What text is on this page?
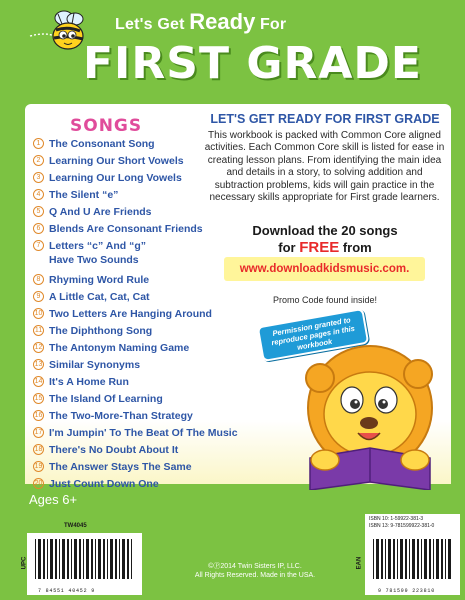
Let's Get Ready For
FIRST GRADE
SONGS
1 The Consonant Song
2 Learning Our Short Vowels
3 Learning Our Long Vowels
4 The Silent “e”
5 Q And U Are Friends
6 Blends Are Consonant Friends
7 Letters “c” And “g”
Have Two Sounds
8 Rhyming Word Rule
9 A Little Cat, Cat, Cat
10 Two Letters Are Hanging Around
11 The Diphthong Song
12 The Antonym Naming Game
13 Similar Synonyms
14 It's A Home Run
15 The Island Of Learning
16 The Two-More-Than Strategy
17 I'm Jumpin' To The Beat Of The Music
18 There's No Doubt About It
19 The Answer Stays The Same
20 Just Count Down One
LET'S GET READY FOR FIRST GRADE
This workbook is packed with Common Core aligned activities. Each Common Core skill is listed for ease in creating lesson plans. From identifying the main idea and details in a story, to solving addition and subtraction problems, kids will gain practice in the necessary skills appropriate for First grade learners.
Download the 20 songs
for FREE from
www.downloadkidsmusic.com.
Promo Code found inside!
Permission granted to reproduce pages in this workbook
Ages 6+
TW4045
UPC
7 84551 40452 9
ISBN 10: 1-59922-381-3
ISBN 13: 9-781599922-381-0
EAN
9 781599 223810
©Ⓟ2014 Twin Sisters IP, LLC.
All Rights Reserved. Made in the USA.
